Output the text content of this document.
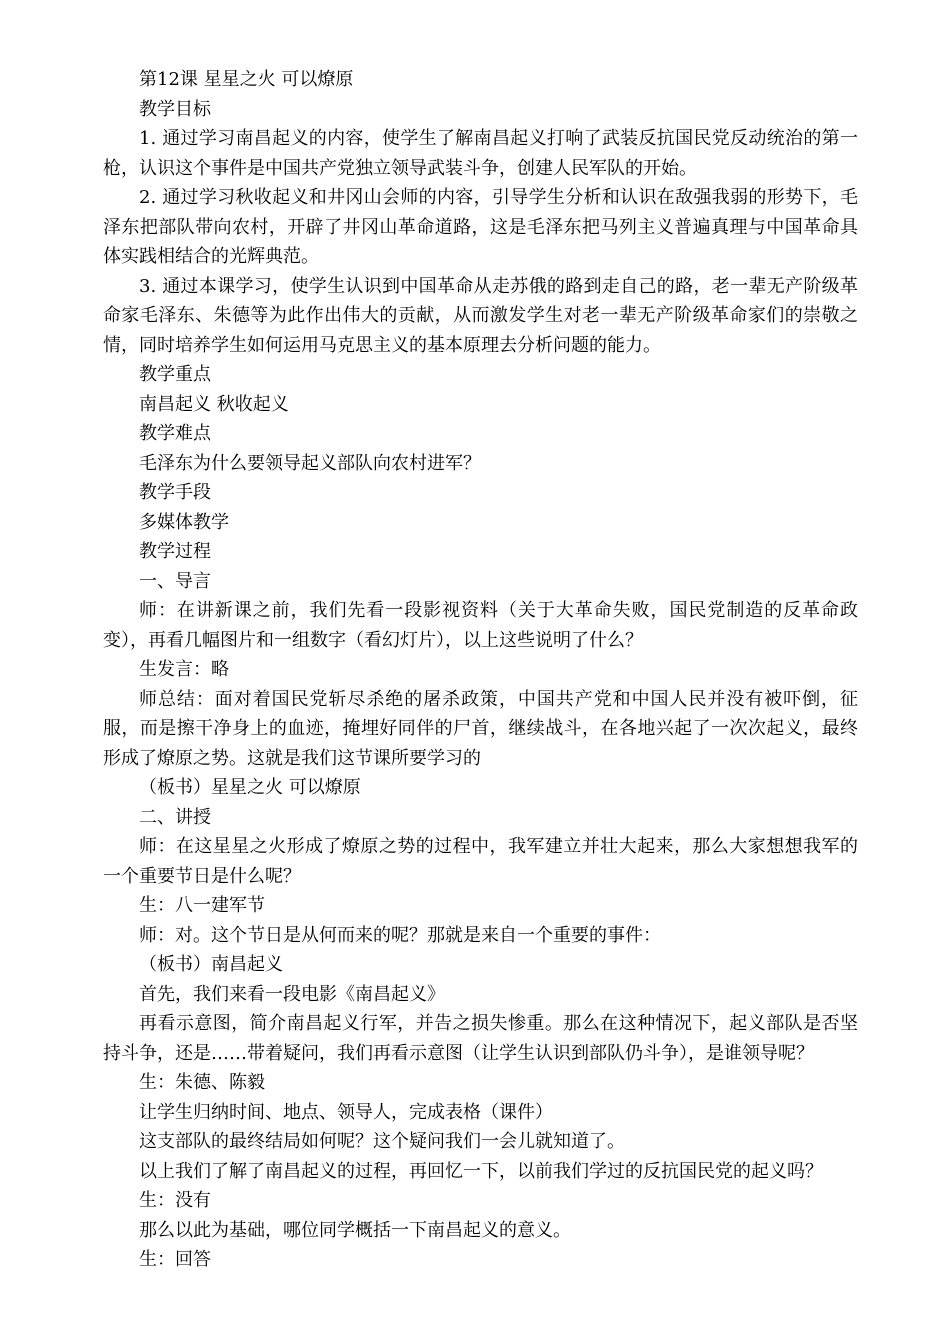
第12课 星星之火 可以燎原

教学目标

1. 通过学习南昌起义的内容，使学生了解南昌起义打响了武装反抗国民党反动统治的第一枪，认识这个事件是中国共产党独立领导武装斗争，创建人民军队的开始。

2. 通过学习秋收起义和井冈山会师的内容，引导学生分析和认识在敌强我弱的形势下，毛泽东把部队带向农村，开辟了井冈山革命道路，这是毛泽东把马列主义普遍真理与中国革命具体实践相结合的光辉典范。

3. 通过本课学习，使学生认识到中国革命从走苏俄的路到走自己的路，老一辈无产阶级革命家毛泽东、朱德等为此作出伟大的贡献，从而激发学生对老一辈无产阶级革命家们的崇敬之情，同时培养学生如何运用马克思主义的基本原理去分析问题的能力。

教学重点

南昌起义 秋收起义

教学难点

毛泽东为什么要领导起义部队向农村进军？

教学手段

多媒体教学

教学过程

一、导言

师：在讲新课之前，我们先看一段影视资料（关于大革命失败，国民党制造的反革命政变），再看几幅图片和一组数字（看幻灯片），以上这些说明了什么？

生发言：略

师总结：面对着国民党斩尽杀绝的屠杀政策，中国共产党和中国人民并没有被吓倒，征服，而是擦干净身上的血迹，掩埋好同伴的尸首，继续战斗，在各地兴起了一次次起义，最终形成了燎原之势。这就是我们这节课所要学习的

（板书）星星之火 可以燎原

二、讲授

师：在这星星之火形成了燎原之势的过程中，我军建立并壮大起来，那么大家想想我军的一个重要节日是什么呢？

生：八一建军节

师：对。这个节日是从何而来的呢？那就是来自一个重要的事件：

（板书）南昌起义

首先，我们来看一段电影《南昌起义》

再看示意图，简介南昌起义行军，并告之损失惨重。那么在这种情况下，起义部队是否坚持斗争，还是……带着疑问，我们再看示意图（让学生认识到部队仍斗争），是谁领导呢？

生：朱德、陈毅

让学生归纳时间、地点、领导人，完成表格（课件）

这支部队的最终结局如何呢？这个疑问我们一会儿就知道了。

以上我们了解了南昌起义的过程，再回忆一下，以前我们学过的反抗国民党的起义吗？

生：没有

那么以此为基础，哪位同学概括一下南昌起义的意义。

生：回答
